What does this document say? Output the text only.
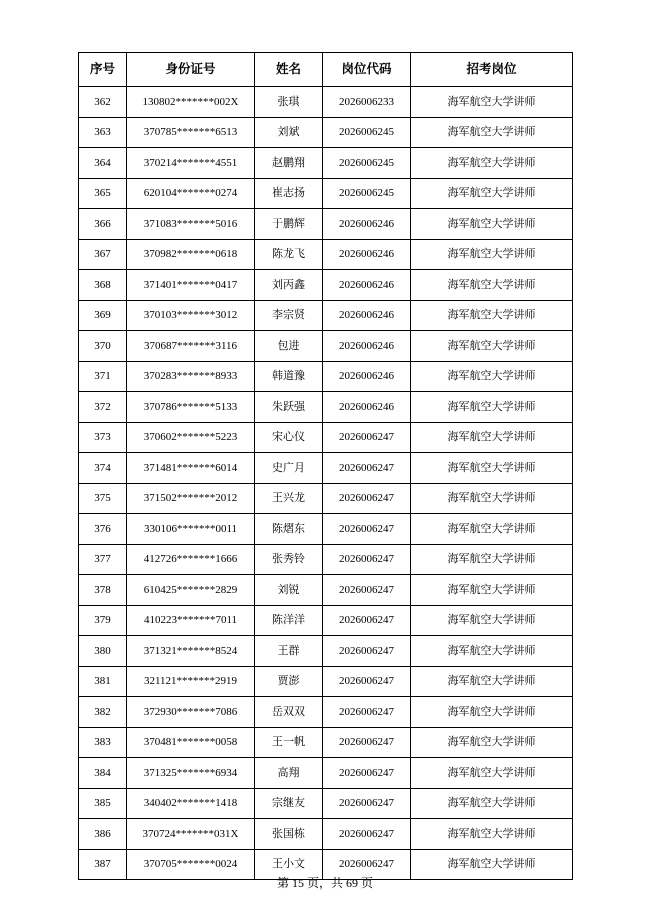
序号	身份证号	姓名	岗位代码	招考岗位
362	130802*******002X	张琪	2026006233	海军航空大学讲师
363	370785*******6513	刘斌	2026006245	海军航空大学讲师
364	370214*******4551	赵鹏翔	2026006245	海军航空大学讲师
365	620104*******0274	崔志扬	2026006245	海军航空大学讲师
366	371083*******5016	于鹏辉	2026006246	海军航空大学讲师
367	370982*******0618	陈龙飞	2026006246	海军航空大学讲师
368	371401*******0417	刘丙鑫	2026006246	海军航空大学讲师
369	370103*******3012	李宗贤	2026006246	海军航空大学讲师
370	370687*******3116	包进	2026006246	海军航空大学讲师
371	370283*******8933	韩道豫	2026006246	海军航空大学讲师
372	370786*******5133	朱跃强	2026006246	海军航空大学讲师
373	370602*******5223	宋心仪	2026006247	海军航空大学讲师
374	371481*******6014	史广月	2026006247	海军航空大学讲师
375	371502*******2012	王兴龙	2026006247	海军航空大学讲师
376	330106*******0011	陈熠东	2026006247	海军航空大学讲师
377	412726*******1666	张秀铃	2026006247	海军航空大学讲师
378	610425*******2829	刘锐	2026006247	海军航空大学讲师
379	410223*******7011	陈洋洋	2026006247	海军航空大学讲师
380	371321*******8524	王群	2026006247	海军航空大学讲师
381	321121*******2919	贾澎	2026006247	海军航空大学讲师
382	372930*******7086	岳双双	2026006247	海军航空大学讲师
383	370481*******0058	王一帆	2026006247	海军航空大学讲师
384	371325*******6934	高翔	2026006247	海军航空大学讲师
385	340402*******1418	宗继友	2026006247	海军航空大学讲师
386	370724*******031X	张国栋	2026006247	海军航空大学讲师
387	370705*******0024	王小文	2026006247	海军航空大学讲师
第 15 页，共 69 页
